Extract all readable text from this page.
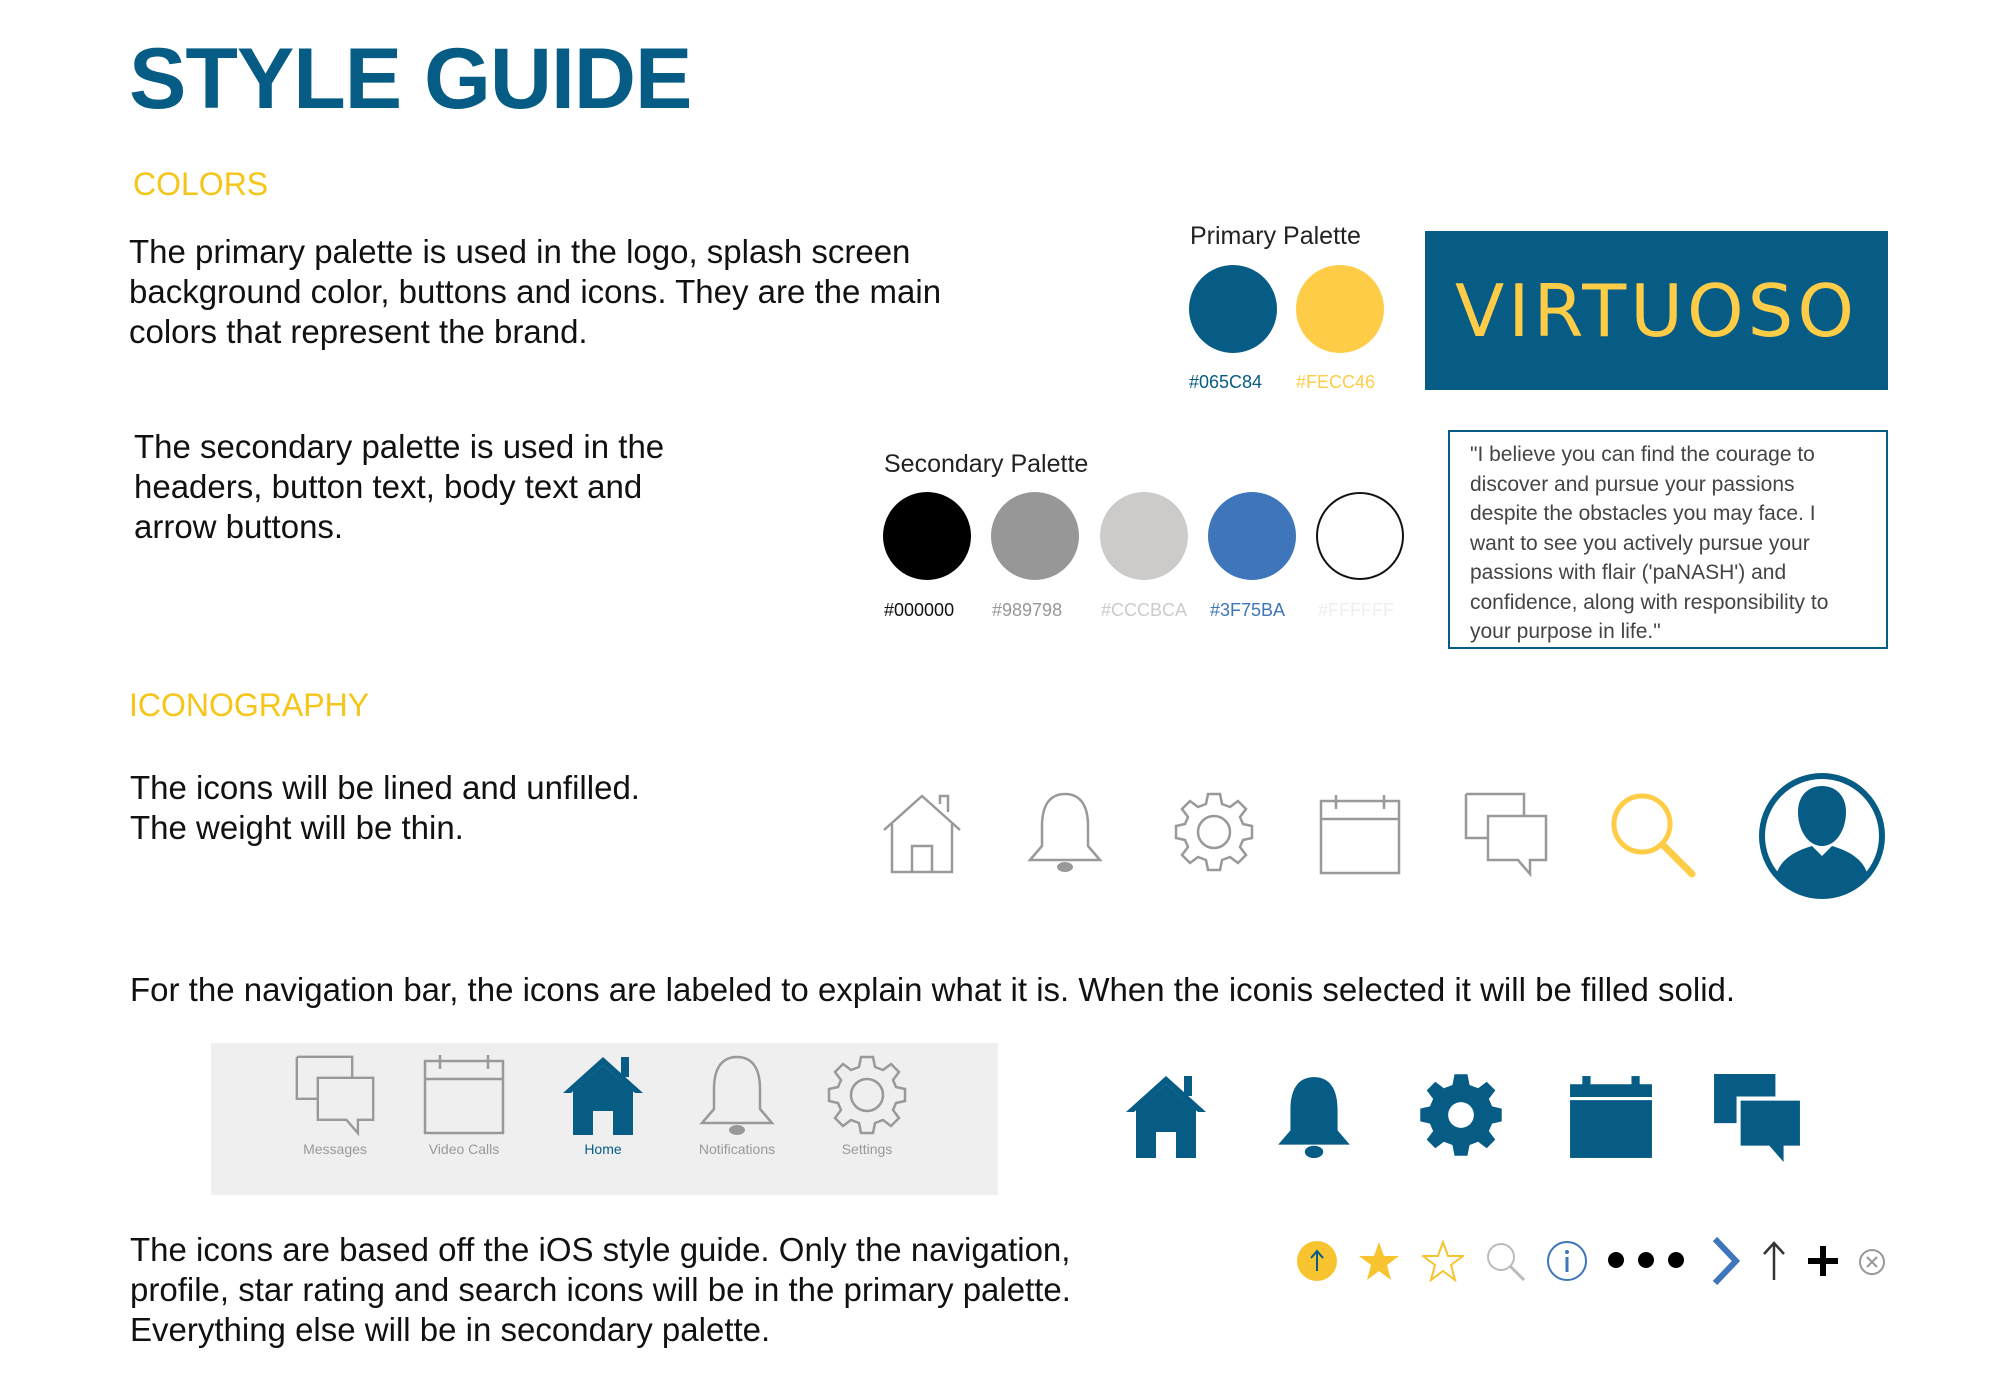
STYLE GUIDE
COLORS

The primary palette is used in the logo, splash screen
background color, buttons and icons. They are the main
colors that represent the brand.

The secondary palette is used in the
headers, button text, body text and
arrow buttons.

Primary Palette
#065C84 #FECC46
VIRTUOSO
Secondary Palette
#000000 #989798 #CCCBCA #3F75BA #FFFFFF
"I believe you can find the courage to
discover and pursue your passions
despite the obstacles you may face. I
want to see you actively pursue your
passions with flair ('paNASH') and
confidence, along with responsibility to
your purpose in life."
ICONOGRAPHY

The icons will be lined and unfilled.
The weight will be thin.

For the navigation bar, the icons are labeled to explain what it is. When the iconis selected it will be filled solid.

Messages	Video Calls	Home	Notifications	Settings

The icons are based off the iOS style guide. Only the navigation,
profile, star rating and search icons will be in the primary palette.
Everything else will be in secondary palette.
